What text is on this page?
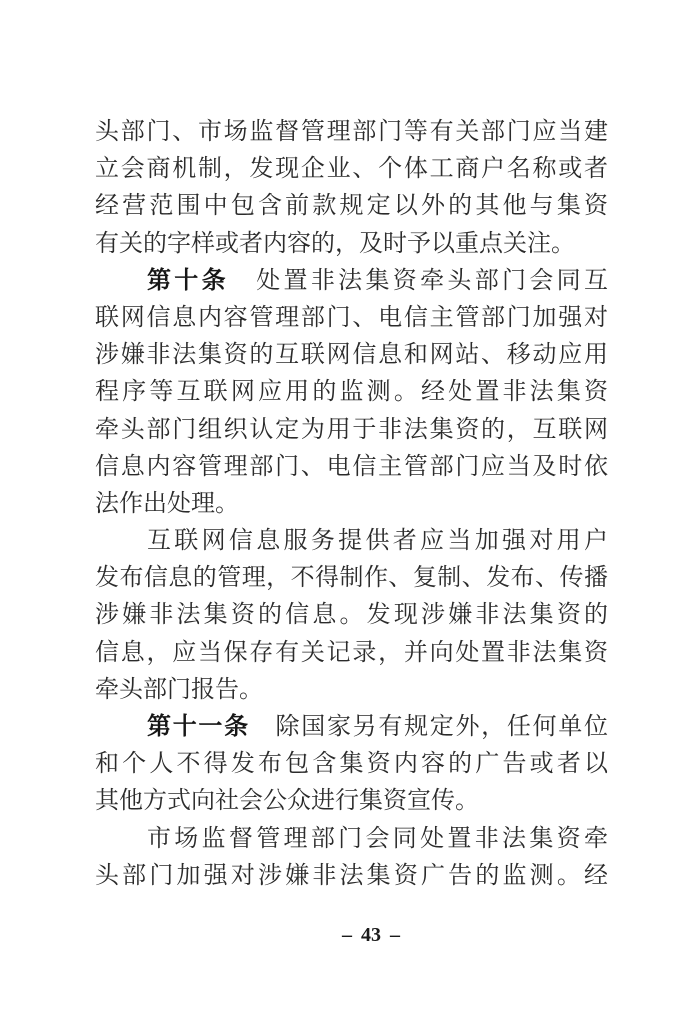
头部门、市场监督管理部门等有关部门应当建
立会商机制，发现企业、个体工商户名称或者
经营范围中包含前款规定以外的其他与集资
有关的字样或者内容的，及时予以重点关注。
第十条　处置非法集资牵头部门会同互
联网信息内容管理部门、电信主管部门加强对
涉嫌非法集资的互联网信息和网站、移动应用
程序等互联网应用的监测。经处置非法集资
牵头部门组织认定为用于非法集资的，互联网
信息内容管理部门、电信主管部门应当及时依
法作出处理。
互联网信息服务提供者应当加强对用户
发布信息的管理，不得制作、复制、发布、传播
涉嫌非法集资的信息。发现涉嫌非法集资的
信息，应当保存有关记录，并向处置非法集资
牵头部门报告。
第十一条　除国家另有规定外，任何单位
和个人不得发布包含集资内容的广告或者以
其他方式向社会公众进行集资宣传。
市场监督管理部门会同处置非法集资牵
头部门加强对涉嫌非法集资广告的监测。经
– 43 –
